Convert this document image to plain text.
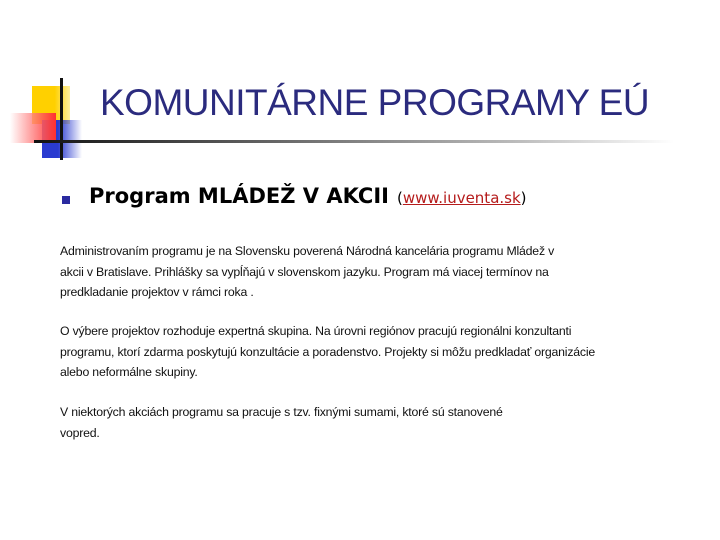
KOMUNITÁRNE PROGRAMY EÚ
Program MLÁDEŽ V AKCII (www.iuventa.sk)
Administrovaním programu je na Slovensku poverená Národná kancelária programu Mládež v
akcii v Bratislave. Prihlášky sa vypĺňajú v slovenskom jazyku. Program má viacej termínov na
predkladanie projektov v rámci roka .
O výbere projektov rozhoduje expertná skupina. Na úrovni regiónov pracujú regionálni konzultanti
programu, ktorí zdarma poskytujú konzultácie a poradenstvo. Projekty si môžu predkladať organizácie
alebo neformálne skupiny.
V niektorých akciách programu sa pracuje s tzv. fixnými sumami, ktoré sú stanovené
vopred.
